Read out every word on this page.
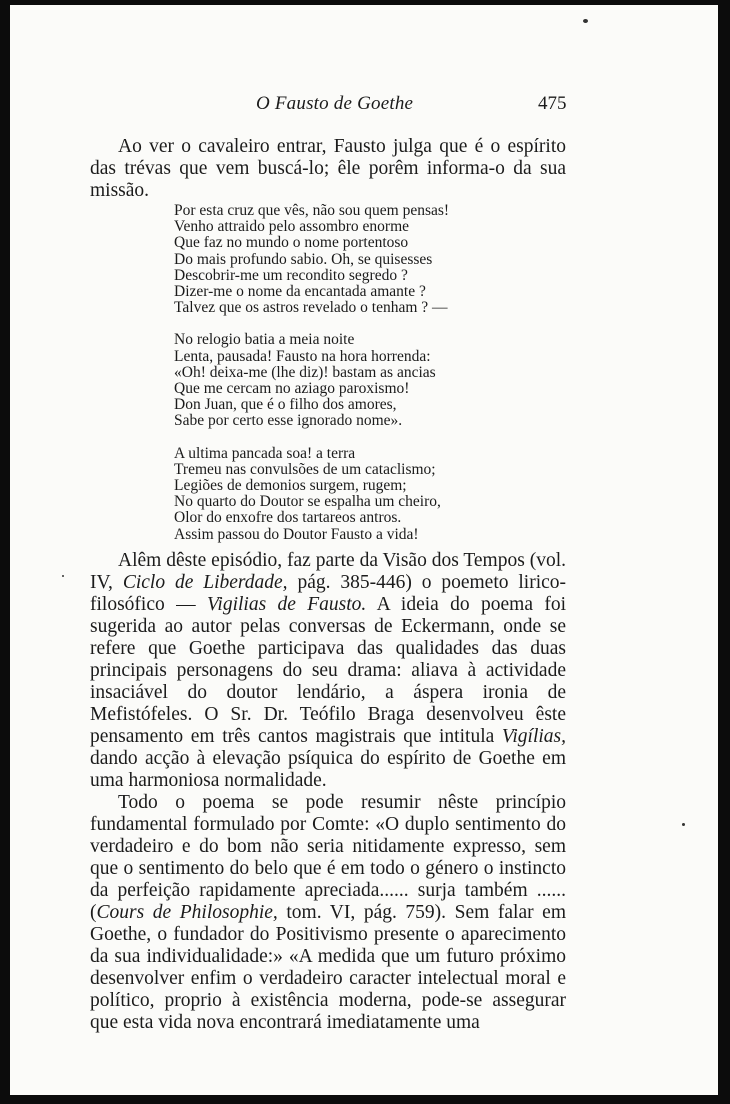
O Fausto de Goethe	475

Ao ver o cavaleiro entrar, Fausto julga que é o espírito das trévas que vem buscá-lo; êle porêm informa-o da sua missão.

Por esta cruz que vês, não sou quem pensas!
Venho attraido pelo assombro enorme
Que faz no mundo o nome portentoso
Do mais profundo sabio. Oh, se quisesses
Descobrir-me um recondito segredo ?
Dizer-me o nome da encantada amante ?
Talvez que os astros revelado o tenham ? —
No relogio batia a meia noite
Lenta, pausada! Fausto na hora horrenda:
«Oh! deixa-me (lhe diz)! bastam as ancias
Que me cercam no aziago paroxismo!
Don Juan, que é o filho dos amores,
Sabe por certo esse ignorado nome».
A ultima pancada soa! a terra
Tremeu nas convulsões de um cataclismo;
Legiões de demonios surgem, rugem;
No quarto do Doutor se espalha um cheiro,
Olor do enxofre dos tartareos antros.
Assim passou do Doutor Fausto a vida!

Alêm dêste episódio, faz parte da Visão dos Tempos (vol. IV, Ciclo de Liberdade, pág. 385-446) o poemeto lirico-filosófico — Vigilias de Fausto. A ideia do poema foi sugerida ao autor pelas conversas de Eckermann, onde se refere que Goethe participava das qualidades das duas principais personagens do seu drama: aliava à actividade insaciável do doutor lendário, a áspera ironia de Mefistófeles. O Sr. Dr. Teófilo Braga desenvolveu êste pensamento em três cantos magistrais que intitula Vigílias, dando acção à elevação psíquica do espírito de Goethe em uma harmoniosa normalidade.

Todo o poema se pode resumir nêste princípio fundamental formulado por Comte: «O duplo sentimento do verdadeiro e do bom não seria nitidamente expresso, sem que o sentimento do belo que é em todo o género o instincto da perfeição rapidamente apreciada...... surja também ...... (Cours de Philosophie, tom. VI, pág. 759). Sem falar em Goethe, o fundador do Positivismo presente o aparecimento da sua individualidade:» «A medida que um futuro próximo desenvolver enfim o verdadeiro caracter intelectual moral e político, proprio à existência moderna, pode-se assegurar que esta vida nova encontrará imediatamente uma
